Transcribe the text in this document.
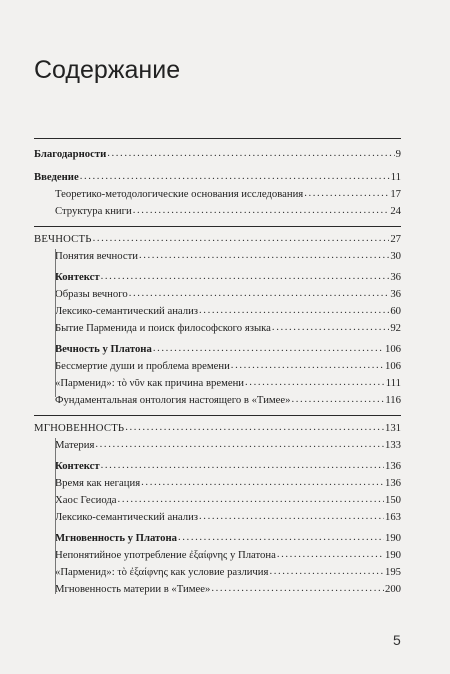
Содержание
Благодарности .....	9
Введение .....	11
Теоретико-методологические основания исследования .....	17
Структура книги .....	24
ВЕЧНОСТЬ .....	27
Понятия вечности .....	30
Контекст .....	36
Образы вечного .....	36
Лексико-семантический анализ .....	60
Бытие Парменида и поиск философского языка .....	92
Вечность у Платона .....	106
Бессмертие души и проблема времени .....	106
«Парменид»: τὸ νῦν как причина времени .....	111
Фундаментальная онтология настоящего в «Тимее» .....	116
МГНОВЕННОСТЬ .....	131
Материя .....	133
Контекст .....	136
Время как негация .....	136
Хаос Гесиода .....	150
Лексико-семантический анализ .....	163
Мгновенность у Платона .....	190
Непонятийное употребление ἐξαίφνης у Платона .....	190
«Парменид»: τὸ ἐξαίφνης как условие различия .....	195
Мгновенность материи в «Тимее» .....	200
5
